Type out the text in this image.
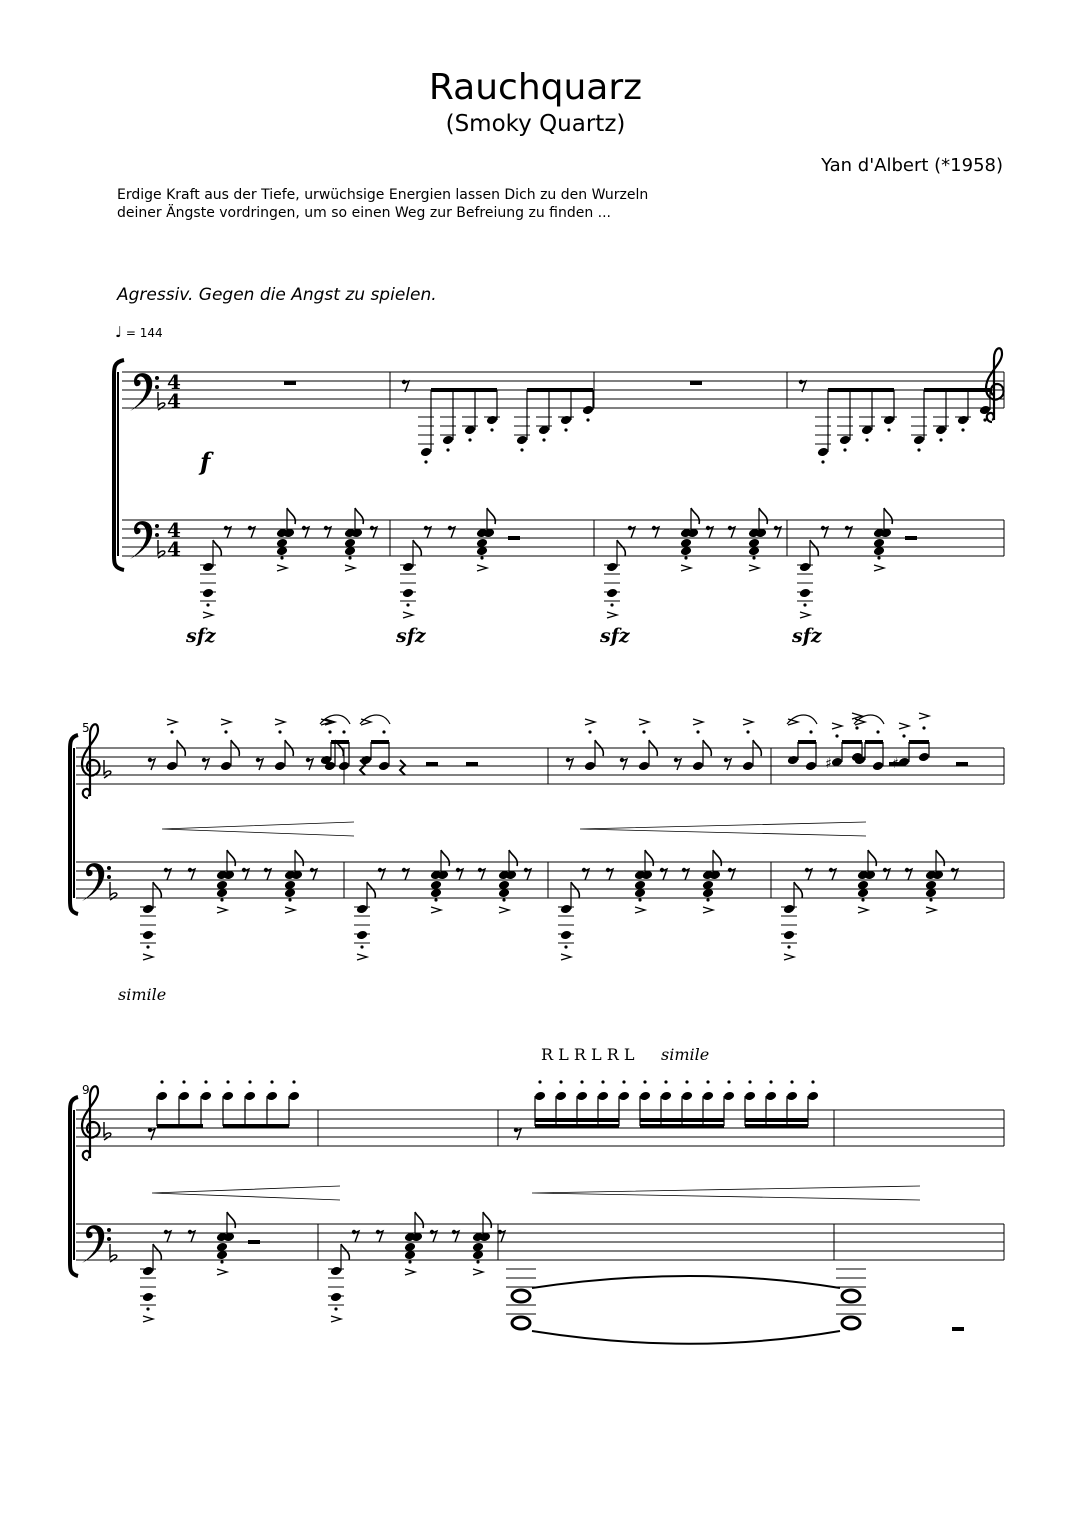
Rauchquarz
(Smoky Quartz)
Yan d'Albert (*1958)
Erdige Kraft aus der Tiefe, urwüchsige Energien lassen Dich zu den Wurzeln deiner Ängste vordringen, um so einen Weg zur Befreiung zu finden ...
Agressiv. Gegen die Angst zu spielen.
♩ = 144
4
4
4
4
f
sfz	sfz	sfz	sfz
5
simile
♯
9
R L R L R L simile
♯
